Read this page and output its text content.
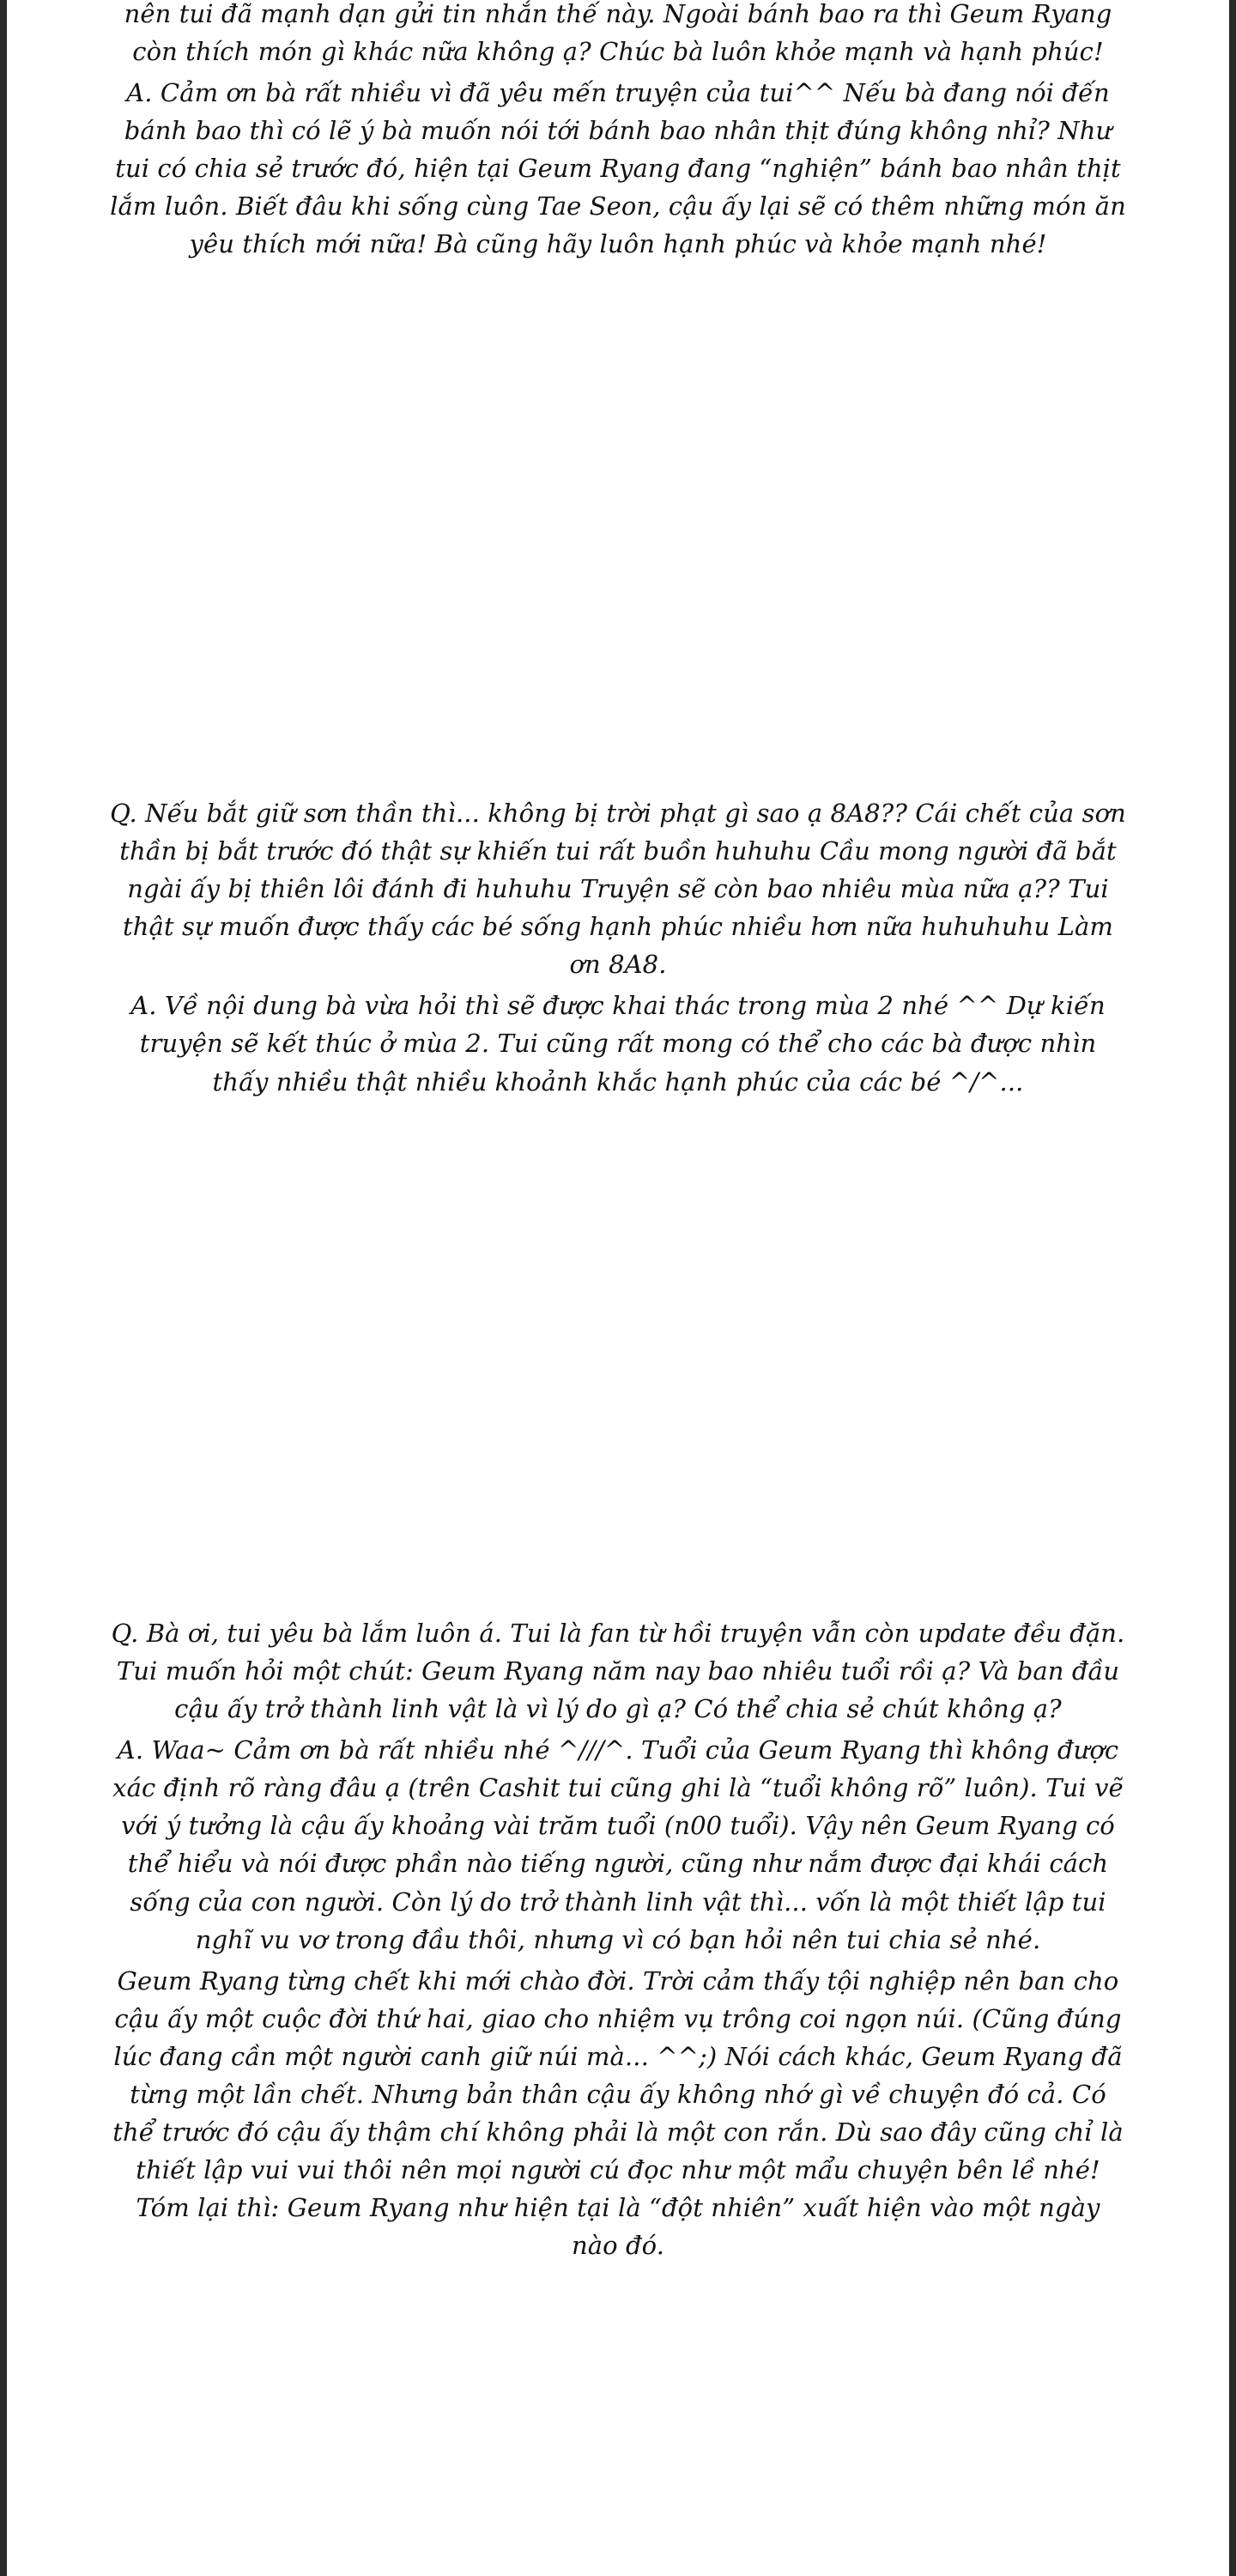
nên tui đã mạnh dạn gửi tin nhắn thế này. Ngoài bánh bao ra thì Geum Ryang còn thích món gì khác nữa không ạ? Chúc bà luôn khỏe mạnh và hạnh phúc!

A. Cảm ơn bà rất nhiều vì đã yêu mến truyện của tui^^ Nếu bà đang nói đến bánh bao thì có lẽ ý bà muốn nói tới bánh bao nhân thịt đúng không nhỉ? Như tui có chia sẻ trước đó, hiện tại Geum Ryang đang “nghiện” bánh bao nhân thịt lắm luôn. Biết đâu khi sống cùng Tae Seon, cậu ấy lại sẽ có thêm những món ăn yêu thích mới nữa! Bà cũng hãy luôn hạnh phúc và khỏe mạnh nhé!

Q. Nếu bắt giữ sơn thần thì... không bị trời phạt gì sao ạ 8A8?? Cái chết của sơn thần bị bắt trước đó thật sự khiến tui rất buồn huhuhu Cầu mong người đã bắt ngài ấy bị thiên lôi đánh đi huhuhu Truyện sẽ còn bao nhiêu mùa nữa ạ?? Tui thật sự muốn được thấy các bé sống hạnh phúc nhiều hơn nữa huhuhuhu Làm ơn 8A8.

A. Về nội dung bà vừa hỏi thì sẽ được khai thác trong mùa 2 nhé ^^ Dự kiến truyện sẽ kết thúc ở mùa 2. Tui cũng rất mong có thể cho các bà được nhìn thấy nhiều thật nhiều khoảnh khắc hạnh phúc của các bé ^/^...

Q. Bà ơi, tui yêu bà lắm luôn á. Tui là fan từ hồi truyện vẫn còn update đều đặn. Tui muốn hỏi một chút: Geum Ryang năm nay bao nhiêu tuổi rồi ạ? Và ban đầu cậu ấy trở thành linh vật là vì lý do gì ạ? Có thể chia sẻ chút không ạ?

A. Waa~ Cảm ơn bà rất nhiều nhé ^///^. Tuổi của Geum Ryang thì không được xác định rõ ràng đâu ạ (trên Cashit tui cũng ghi là “tuổi không rõ” luôn). Tui vẽ với ý tưởng là cậu ấy khoảng vài trăm tuổi (n00 tuổi). Vậy nên Geum Ryang có thể hiểu và nói được phần nào tiếng người, cũng như nắm được đại khái cách sống của con người. Còn lý do trở thành linh vật thì... vốn là một thiết lập tui nghĩ vu vơ trong đầu thôi, nhưng vì có bạn hỏi nên tui chia sẻ nhé.

Geum Ryang từng chết khi mới chào đời. Trời cảm thấy tội nghiệp nên ban cho cậu ấy một cuộc đời thứ hai, giao cho nhiệm vụ trông coi ngọn núi. (Cũng đúng lúc đang cần một người canh giữ núi mà... ^^;) Nói cách khác, Geum Ryang đã từng một lần chết. Nhưng bản thân cậu ấy không nhớ gì về chuyện đó cả. Có thể trước đó cậu ấy thậm chí không phải là một con rắn. Dù sao đây cũng chỉ là thiết lập vui vui thôi nên mọi người cú đọc như một mẩu chuyện bên lề nhé! Tóm lại thì: Geum Ryang như hiện tại là “đột nhiên” xuất hiện vào một ngày nào đó.
